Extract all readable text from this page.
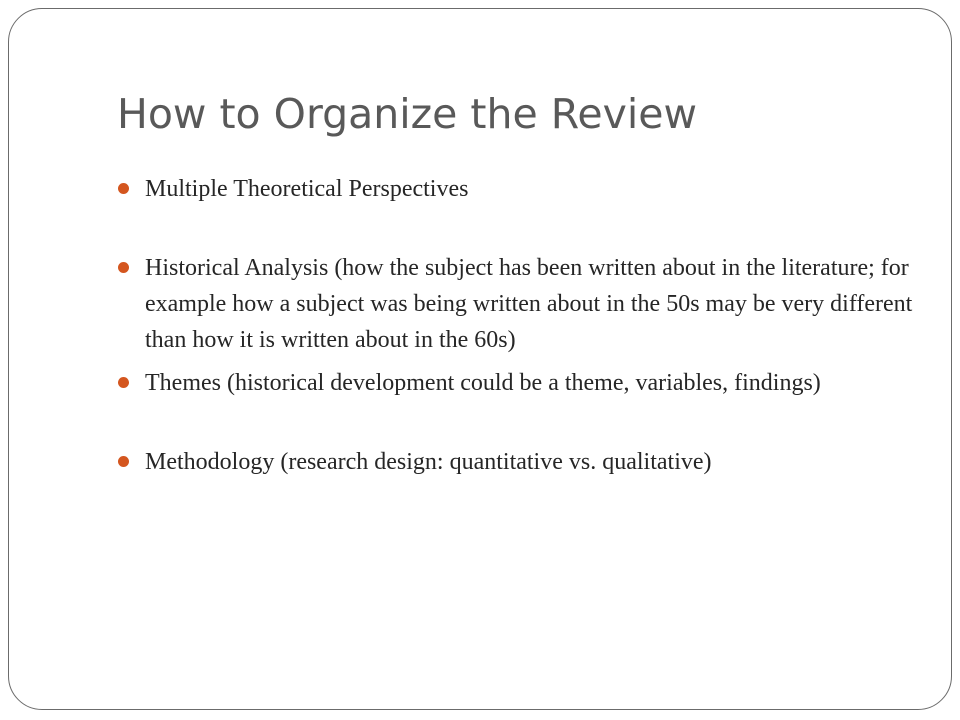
How to Organize the Review
Multiple Theoretical Perspectives
Historical Analysis (how the subject has been written about in the literature; for example how a subject was being written about in the 50s may be very different than how it is written about in the 60s)
Themes (historical development could be a theme, variables, findings)
Methodology (research design: quantitative vs. qualitative)
